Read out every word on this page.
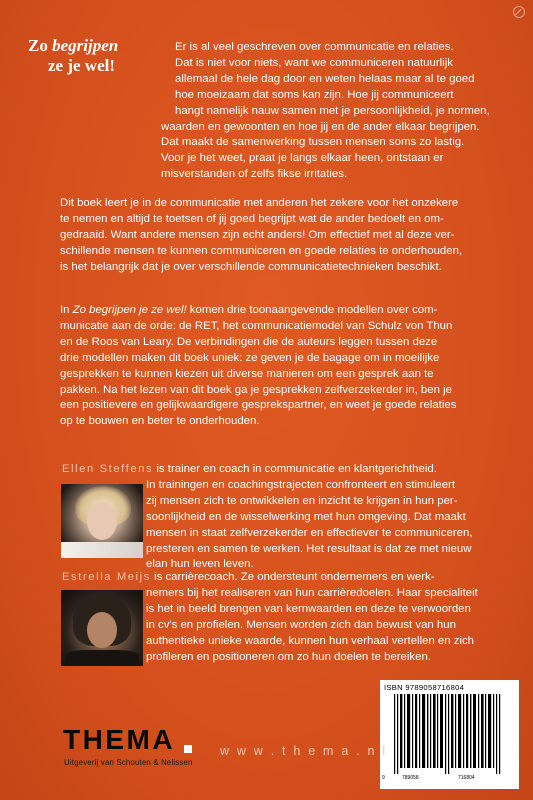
Zo begrijpen
ze je wel!
Er is al veel geschreven over communicatie en relaties.
Dat is niet voor niets, want we communiceren natuurlijk
allemaal de hele dag door en weten helaas maar al te goed
hoe moeizaam dat soms kan zijn. Hoe jij communiceert
hangt namelijk nauw samen met je persoonlijkheid, je normen,
waarden en gewoonten en hoe jij en de ander elkaar begrijpen.
Dat maakt de samenwerking tussen mensen soms zo lastig.
Voor je het weet, praat je langs elkaar heen, ontstaan er
misverstanden of zelfs fikse irritaties.
Dit boek leert je in de communicatie met anderen het zekere voor het onzekere
te nemen en altijd te toetsen of jij goed begrijpt wat de ander bedoelt en om-
gedraaid. Want andere mensen zijn echt anders! Om effectief met al deze ver-
schillende mensen te kunnen communiceren en goede relaties te onderhouden,
is het belangrijk dat je over verschillende communicatietechnieken beschikt.
In Zo begrijpen je ze wel! komen drie toonaangevende modellen over com-
municatie aan de orde: de RET, het communicatiemodel van Schulz von Thun
en de Roos van Leary. De verbindingen die de auteurs leggen tussen deze
drie modellen maken dit boek uniek: ze geven je de bagage om in moeilijke
gesprekken te kunnen kiezen uit diverse manieren om een gesprek aan te
pakken. Na het lezen van dit boek ga je gesprekken zelfverzekerder in, ben je
een positievere en gelijkwaardigere gesprekspartner, en weet je goede relaties
op te bouwen en beter te onderhouden.
Ellen Steffens is trainer en coach in communicatie en klantgerichtheid.
In trainingen en coachingstrajecten confronteert en stimuleert
zij mensen zich te ontwikkelen en inzicht te krijgen in hun per-
soonlijkheid en de wisselwerking met hun omgeving. Dat maakt
mensen in staat zelfverzekerder en effectiever te communiceren,
presteren en samen te werken. Het resultaat is dat ze met nieuw
elan hun leven leven.
Estrella Meijs is carrièrecoach. Ze ondersteunt ondernemers en werk-
nemers bij het realiseren van hun carrièredoelen. Haar specialiteit
is het in beeld brengen van kernwaarden en deze te verwoorden
in cv's en profielen. Mensen worden zich dan bewust van hun
authentieke unieke waarde, kunnen hun verhaal vertellen en zich
profileren en positioneren om zo hun doelen te bereiken.
ISBN 9789058716804
9	789058	716804
THEMA
Uitgeverij van Schouten & Nelissen
w w w . t h e m a . n l
